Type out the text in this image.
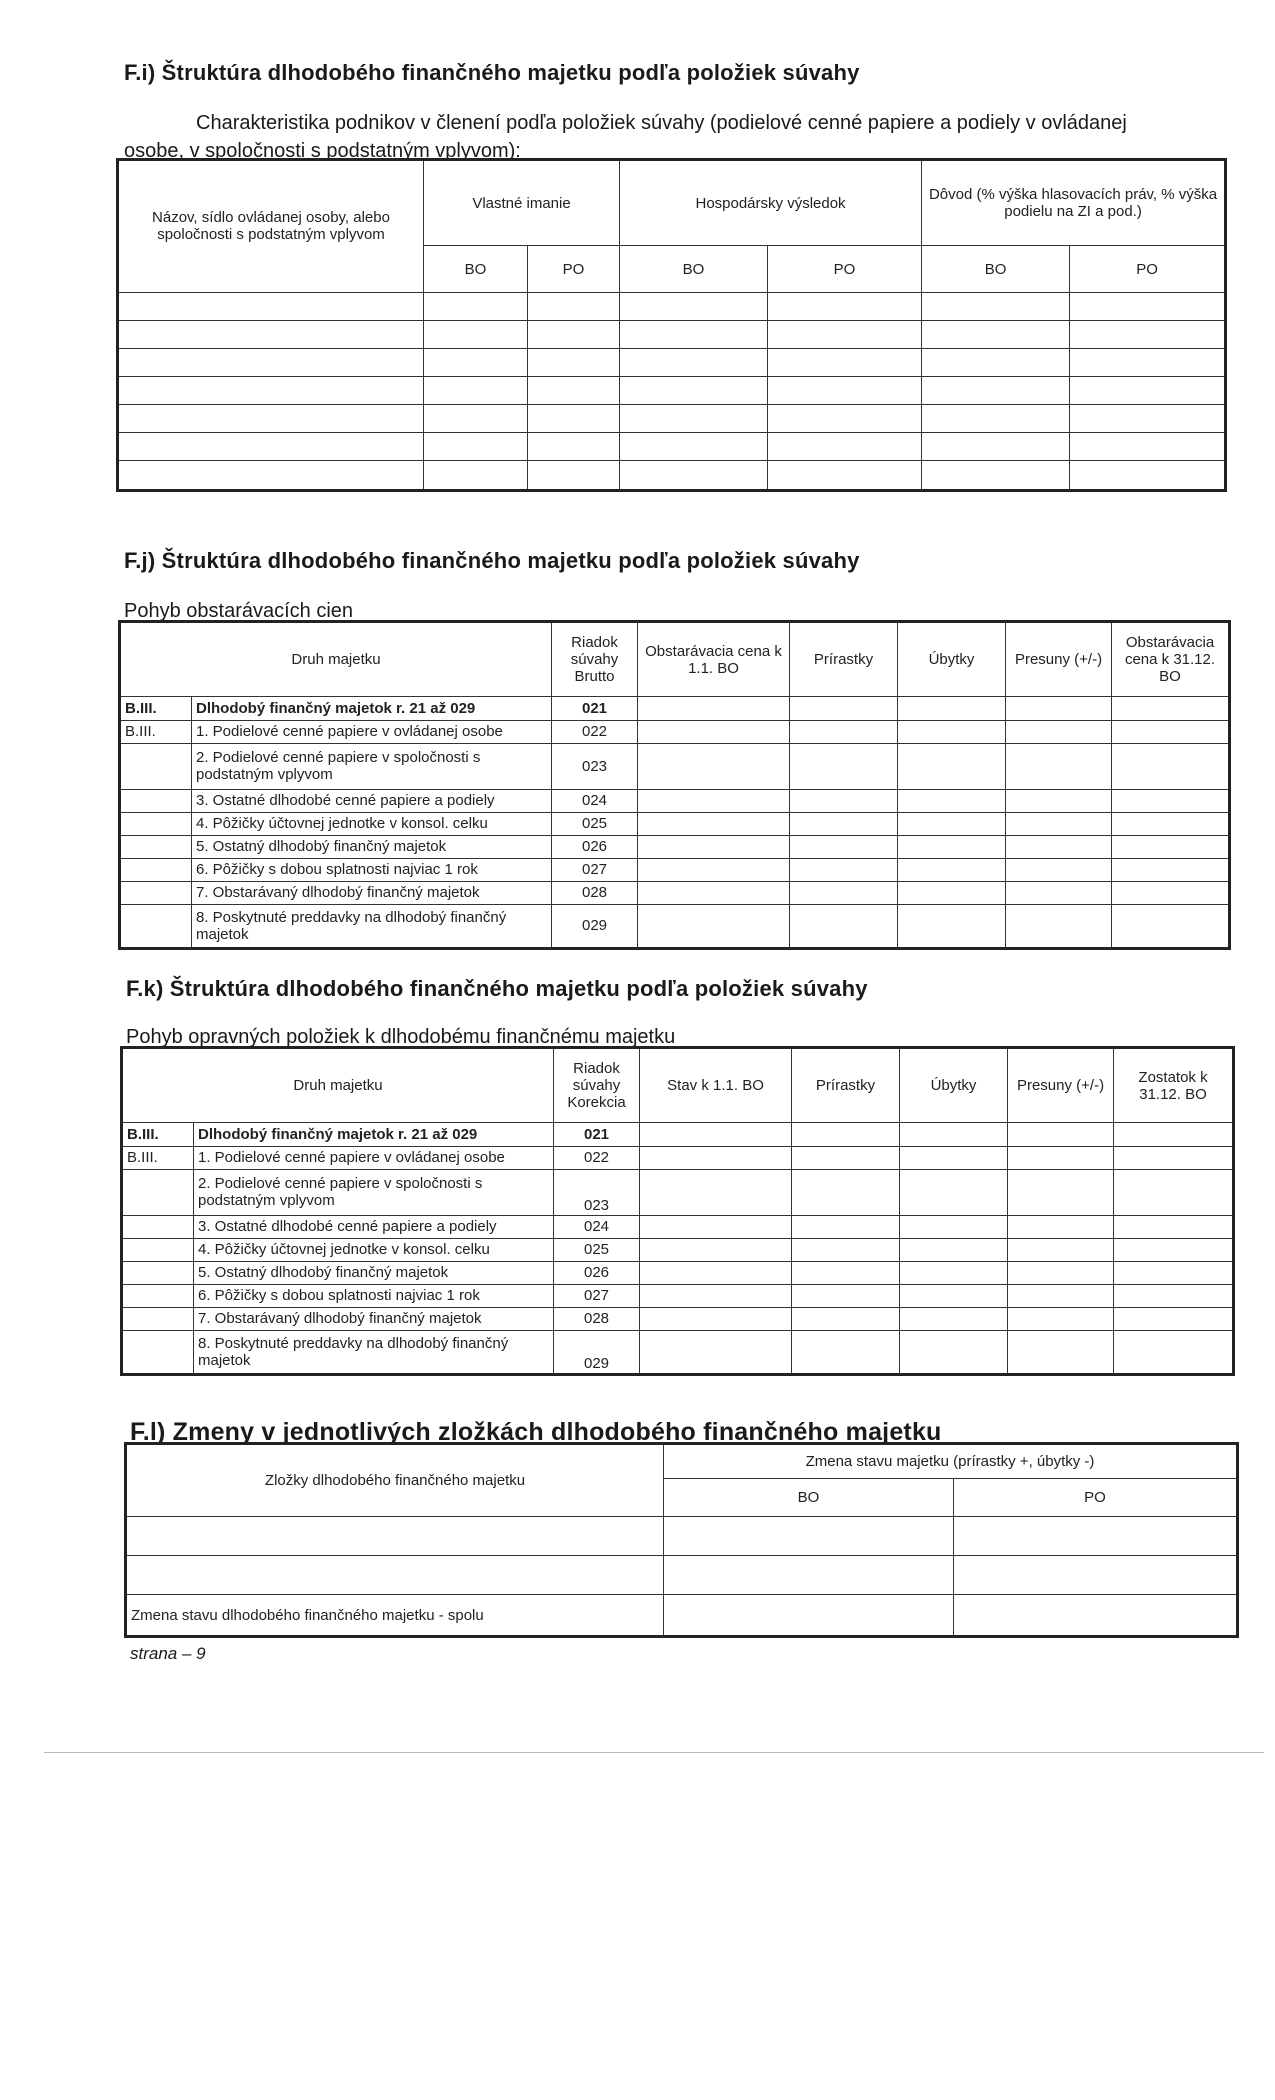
F.i) Štruktúra dlhodobého finančného majetku podľa položiek súvahy
Charakteristika podnikov v členení podľa položiek súvahy (podielové cenné papiere a podiely v ovládanej
osobe, v spoločnosti s podstatným vplyvom):
Názov, sídlo ovládanej osoby, alebo spoločnosti s podstatným vplyvom	Vlastné imanie		Hospodársky výsledok		Dôvod (% výška hlasovacích práv, % výška podielu na ZI a pod.)	
	BO	PO	BO	PO	BO	PO

F.j) Štruktúra dlhodobého finančného majetku podľa položiek súvahy
Pohyb obstarávacích cien
Druh majetku		Riadok súvahy Brutto	Obstarávacia cena k 1.1. BO	Prírastky	Úbytky	Presuny (+/-)	Obstarávacia cena k 31.12. BO
B.III.	Dlhodobý finančný majetok r. 21 až 029	021					
B.III.	1. Podielové cenné papiere v ovládanej osobe	022					
	2. Podielové cenné papiere v spoločnosti s podstatným vplyvom	023					
	3. Ostatné dlhodobé cenné papiere a podiely	024					
	4. Pôžičky účtovnej jednotke v konsol. celku	025					
	5. Ostatný dlhodobý finančný majetok	026					
	6. Pôžičky s dobou splatnosti najviac 1 rok	027					
	7. Obstarávaný dlhodobý finančný majetok	028					
	8. Poskytnuté preddavky na dlhodobý finančný majetok	029					
F.k) Štruktúra dlhodobého finančného majetku podľa položiek súvahy
Pohyb opravných položiek k dlhodobému finančnému majetku
Druh majetku		Riadok súvahy Korekcia	Stav k 1.1. BO	Prírastky	Úbytky	Presuny (+/-)	Zostatok k 31.12. BO
B.III.	Dlhodobý finančný majetok r. 21 až 029	021					
B.III.	1. Podielové cenné papiere v ovládanej osobe	022					
	2. Podielové cenné papiere v spoločnosti s podstatným vplyvom	023					
	3. Ostatné dlhodobé cenné papiere a podiely	024					
	4. Pôžičky účtovnej jednotke v konsol. celku	025					
	5. Ostatný dlhodobý finančný majetok	026					
	6. Pôžičky s dobou splatnosti najviac 1 rok	027					
	7. Obstarávaný dlhodobý finančný majetok	028					
	8. Poskytnuté preddavky na dlhodobý finančný majetok	029					
F.l) Zmeny v jednotlivých zložkách dlhodobého finančného majetku
Zložky dlhodobého finančného majetku	Zmena stavu majetku (prírastky +, úbytky -)	
	BO	PO

Zmena stavu dlhodobého finančného majetku - spolu		
strana – 9
